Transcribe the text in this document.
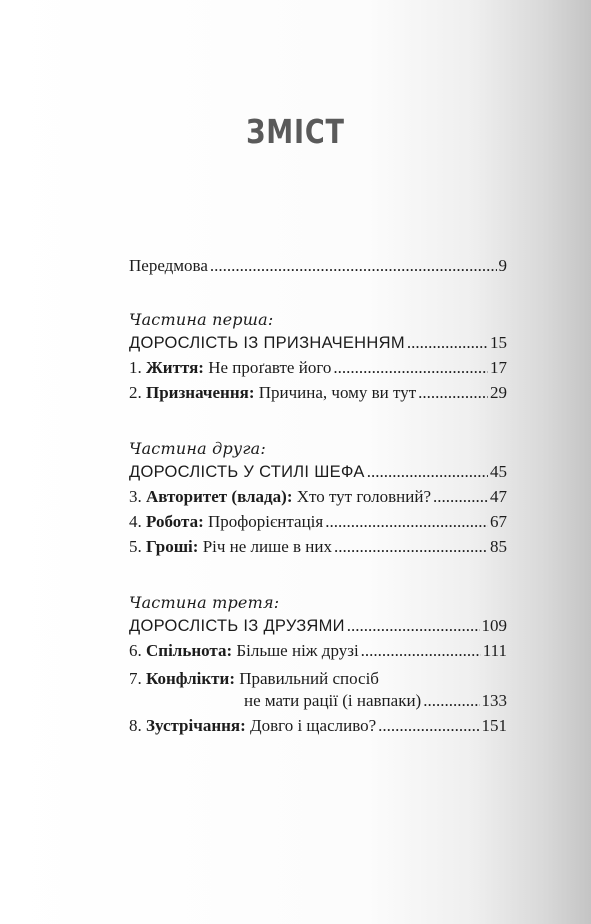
ЗМІСТ
Передмова .....	9
Частина перша:
ДОРОСЛІСТЬ ІЗ ПРИЗНАЧЕННЯМ .....	15
1. Життя: Не проґавте його .....	17
2. Призначення: Причина, чому ви тут .....	29
Частина друга:
ДОРОСЛІСТЬ У СТИЛІ ШЕФА .....	45
3. Авторитет (влада): Хто тут головний? .....	47
4. Робота: Профорієнтація .....	67
5. Гроші: Річ не лише в них .....	85
Частина третя:
ДОРОСЛІСТЬ ІЗ ДРУЗЯМИ .....	109
6. Спільнота: Більше ніж друзі .....	111
7. Конфлікти: Правильний спосіб
не мати рації (і навпаки) .....	133
8. Зустрічання: Довго і щасливо? .....	151
